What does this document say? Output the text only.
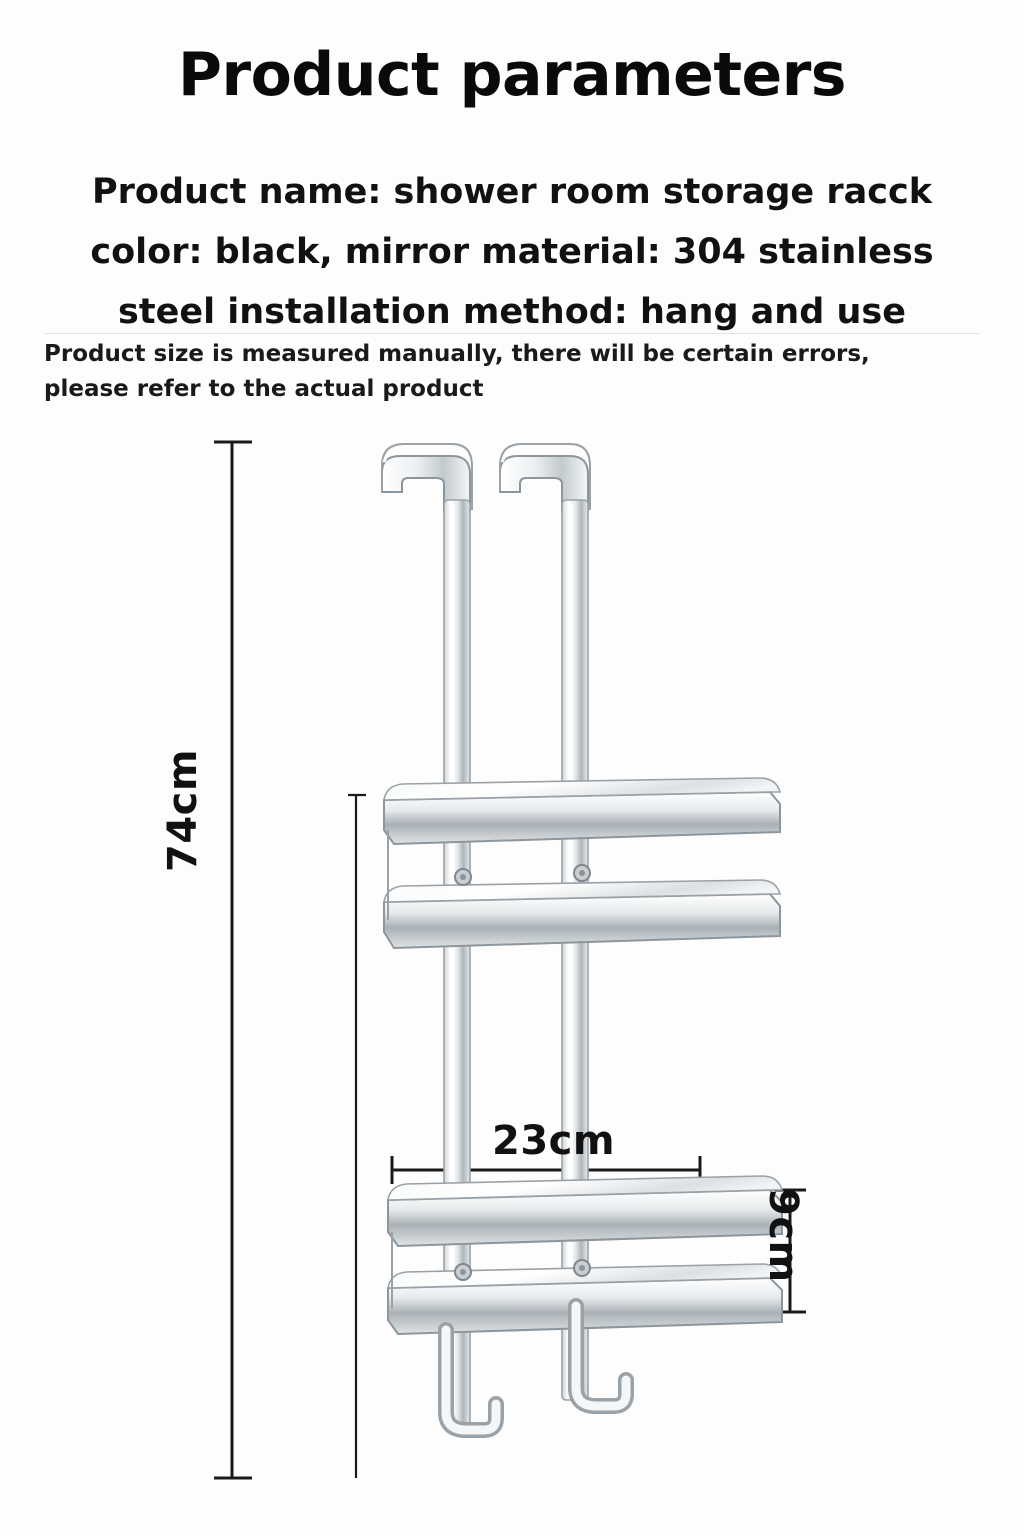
Product parameters
Product name: shower room storage racck
color: black, mirror material: 304 stainless
steel installation method: hang and use
Product size is measured manually, there will be certain errors,
please refer to the actual product
74cm
23cm
9cm
